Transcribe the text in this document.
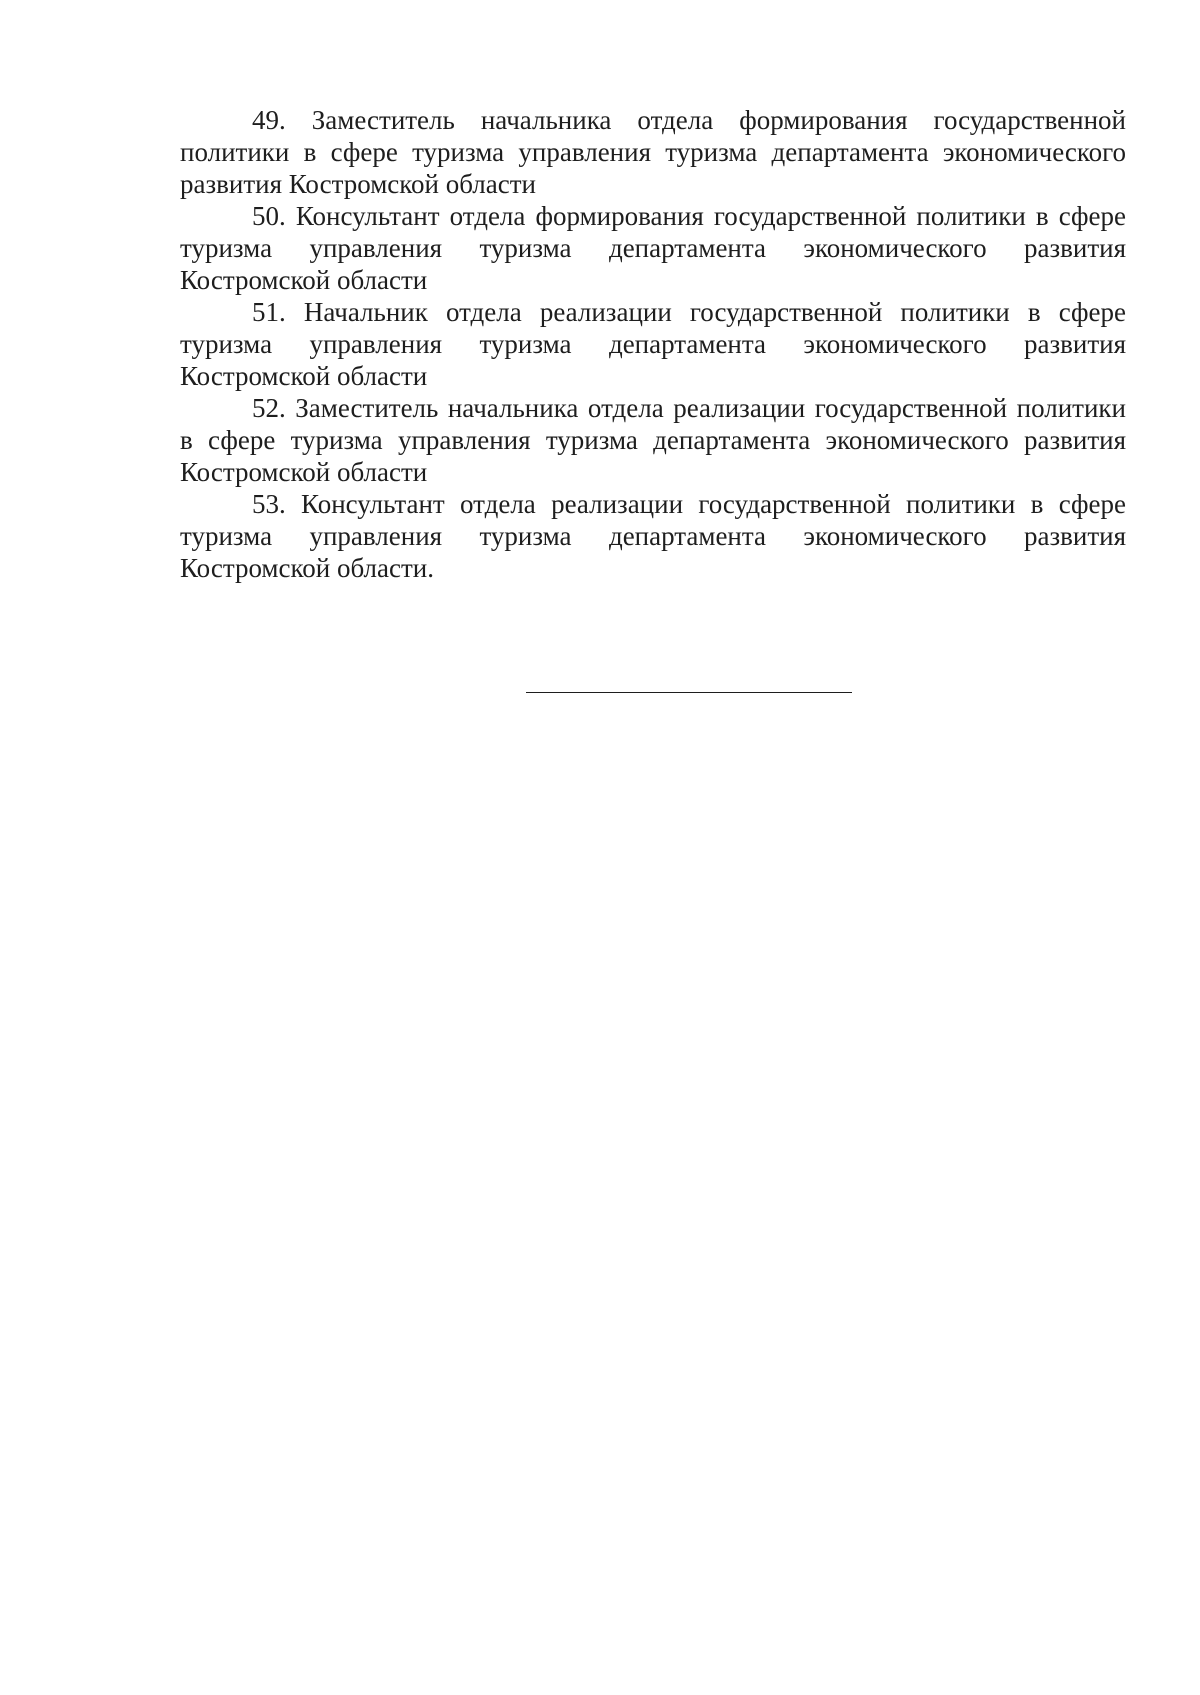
49. Заместитель начальника отдела формирования государственной политики в сфере туризма управления туризма департамента экономического развития Костромской области

50. Консультант отдела формирования государственной политики в сфере туризма управления туризма департамента экономического развития Костромской области

51. Начальник отдела реализации государственной политики в сфере туризма управления туризма департамента экономического развития Костромской области

52. Заместитель начальника отдела реализации государственной политики в сфере туризма управления туризма департамента экономического развития Костромской области

53. Консультант отдела реализации государственной политики в сфере туризма управления туризма департамента экономического развития Костромской области.
